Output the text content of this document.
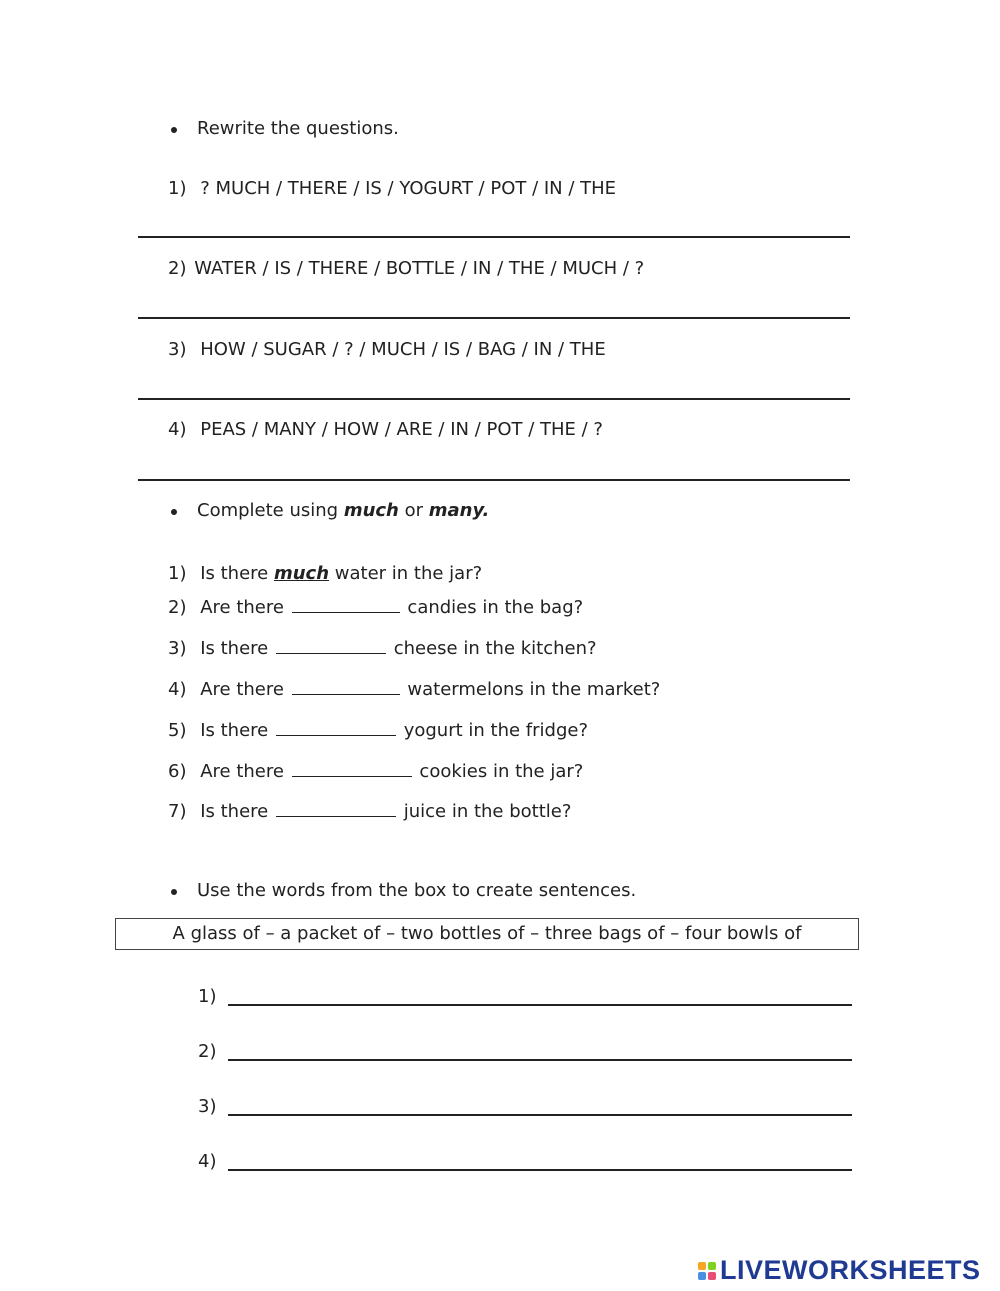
Rewrite the questions.
1) ? MUCH / THERE / IS / YOGURT / POT / IN / THE
2) WATER / IS / THERE / BOTTLE / IN / THE / MUCH / ?
3) HOW / SUGAR / ? / MUCH / IS / BAG / IN / THE
4) PEAS / MANY / HOW / ARE / IN / POT / THE / ?
Complete using much or many.
1) Is there much water in the jar?
2) Are there	candies in the bag?
3) Is there	cheese in the kitchen?
4) Are there	watermelons in the market?
5) Is there	yogurt in the fridge?
6) Are there	cookies in the jar?
7) Is there	juice in the bottle?
Use the words from the box to create sentences.
A glass of – a packet of – two bottles of – three bags of – four bowls of
1)
2)
3)
4)
LIVEWORKSHEETS
